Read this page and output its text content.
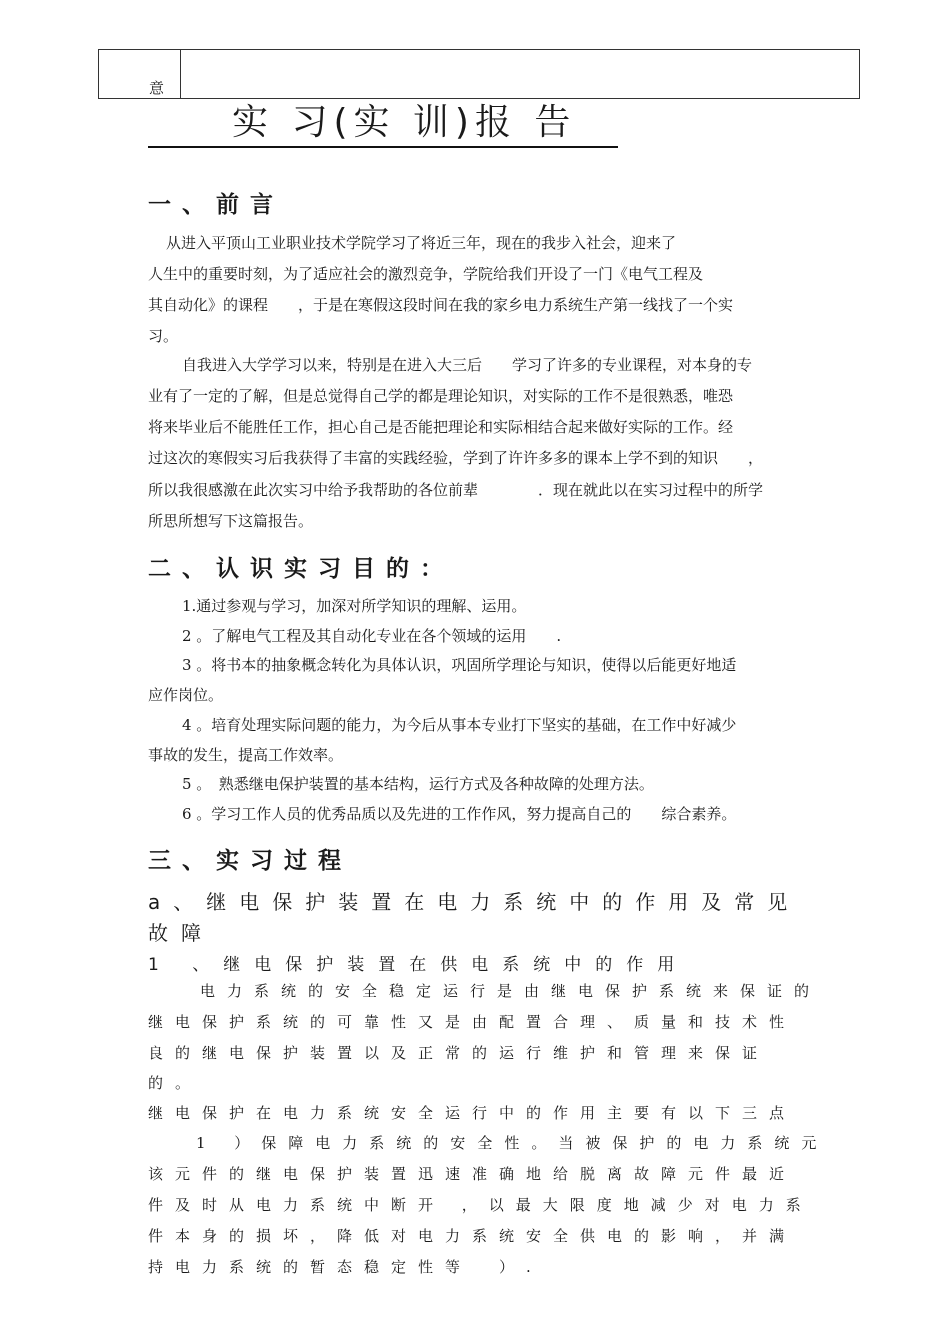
意
实 习(实 训)报 告
一、前言
从进入平顶山工业职业技术学院学习了将近三年，现在的我步入社会，迎来了
人生中的重要时刻，为了适应社会的激烈竞争，学院给我们开设了一门《电气工程及
其自动化》的课程　　，于是在寒假这段时间在我的家乡电力系统生产第一线找了一个实
习。
自我进入大学学习以来，特别是在进入大三后　　学习了许多的专业课程，对本身的专
业有了一定的了解，但是总觉得自己学的都是理论知识，对实际的工作不是很熟悉，唯恐
将来毕业后不能胜任工作，担心自己是否能把理论和实际相结合起来做好实际的工作。经
过这次的寒假实习后我获得了丰富的实践经验，学到了许许多多的课本上学不到的知识　　，
所以我很感激在此次实习中给予我帮助的各位前辈　　　　．现在就此以在实习过程中的所学
所思所想写下这篇报告。
二、认识实习目的：
1.通过参观与学习，加深对所学知识的理解、运用。
2 。了解电气工程及其自动化专业在各个领域的运用　　.
3 。将书本的抽象概念转化为具体认识，巩固所学理论与知识，使得以后能更好地适
应作岗位。
4 。培育处理实际问题的能力，为今后从事本专业打下坚实的基础，在工作中好减少
事故的发生，提高工作效率。
5 。　熟悉继电保护装置的基本结构，运行方式及各种故障的处理方法。
6 。学习工作人员的优秀品质以及先进的工作作风，努力提高自己的　　综合素养。
三、实习过程
a、继电保护装置在电力系统中的作用及常见
故障
1 、继电保护装置在供电系统中的作用
电力系统的安全稳定运行是由继电保护系统来保证的
继电保护系统的可靠性又是由配置合理、质量和技术性
良的继电保护装置以及正常的运行维护和管理来保证
的。
继电保护在电力系统安全运行中的作用主要有以下三点
1 ）保障电力系统的安全性。当被保护的电力系统元
该元件的继电保护装置迅速准确地给脱离故障元件最近
件及时从电力系统中断开 ，以最大限度地减少对电力系
件本身的损坏，降低对电力系统安全供电的影响，并满
持电力系统的暂态稳定性等　）.
